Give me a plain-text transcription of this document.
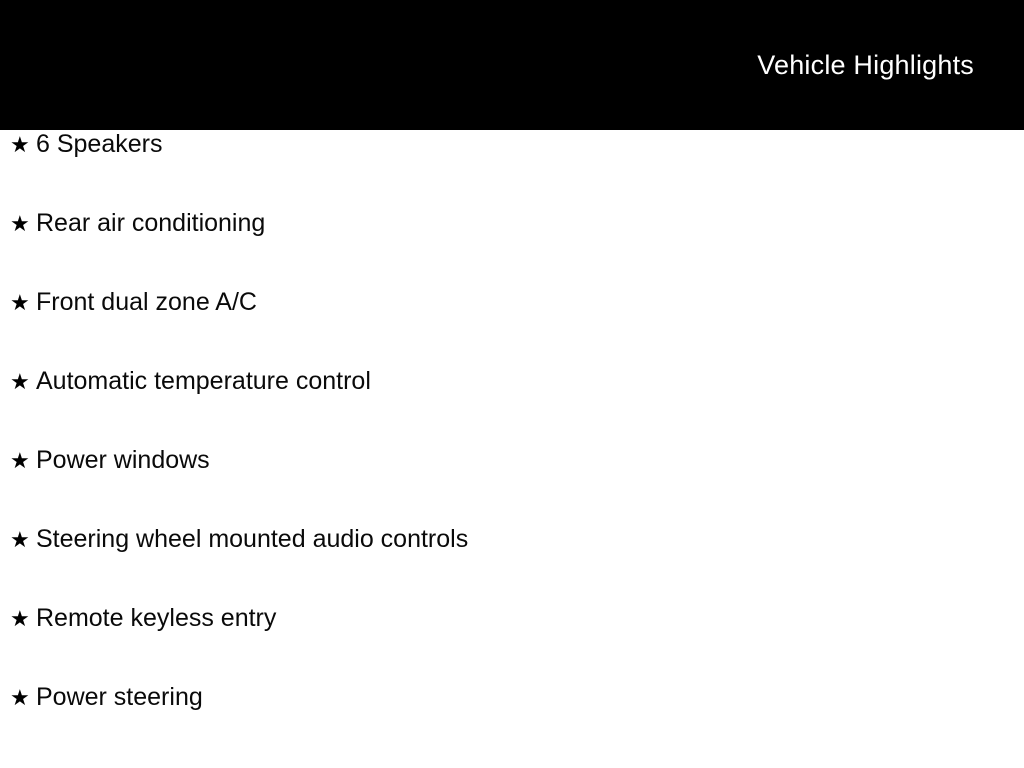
Vehicle Highlights
★ 6 Speakers
★ Rear air conditioning
★ Front dual zone A/C
★ Automatic temperature control
★ Power windows
★ Steering wheel mounted audio controls
★ Remote keyless entry
★ Power steering
